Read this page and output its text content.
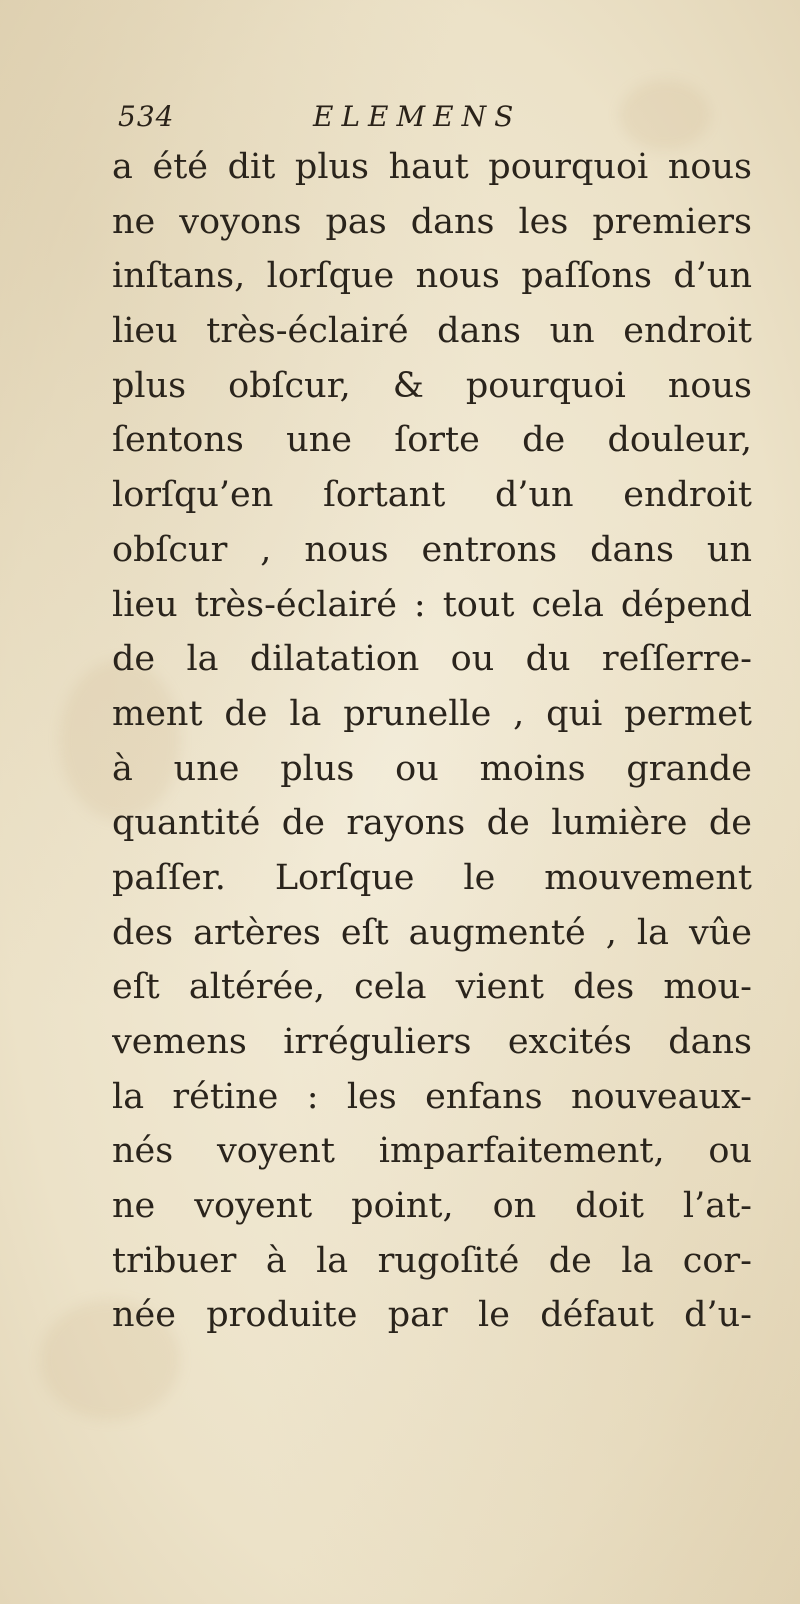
534	ELEMENS
a été dit plus haut pourquoi nous
ne voyons pas dans les premiers
inſtans, lorſque nous paſſons d’un
lieu très-éclairé dans un endroit
plus obſcur, & pourquoi nous
ſentons une ſorte de douleur,
lorſqu’en ſortant d’un endroit
obſcur , nous entrons dans un
lieu très-éclairé : tout cela dépend
de la dilatation ou du reſſerre-
ment de la prunelle , qui permet
à une plus ou moins grande
quantité de rayons de lumière de
paſſer. Lorſque le mouvement
des artères eſt augmenté , la vûe
eſt altérée, cela vient des mou-
vemens irréguliers excités dans
la rétine : les enfans nouveaux-
nés voyent imparfaitement, ou
ne voyent point, on doit l’at-
tribuer à la rugoſité de la cor-
née produite par le défaut d’u-
